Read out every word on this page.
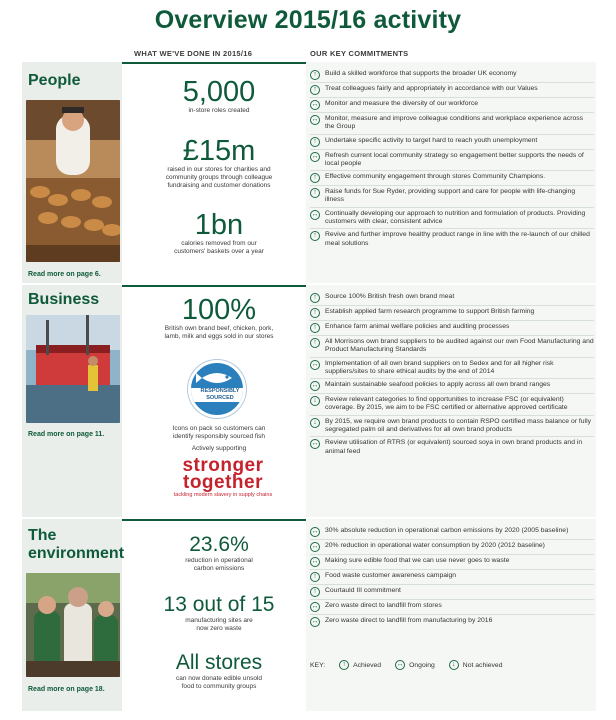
Overview 2015/16 activity
WHAT WE'VE DONE IN 2015/16	OUR KEY COMMITMENTS
People
Read more on page 6.
5,000
in-store roles created
£15m
raised in our stores for charities and community groups through colleague fundraising and customer donations
1bn
calories removed from our customers' baskets over a year
↑	Build a skilled workforce that supports the broader UK economy
↑	Treat colleagues fairly and appropriately in accordance with our Values
↔ Monitor and measure the diversity of our workforce
↔ Monitor, measure and improve colleague conditions and workplace experience across the Group
↑	Undertake specific activity to target hard to reach youth unemployment
↔ Refresh current local community strategy so engagement better supports the needs of local people
↑	Effective community engagement through stores Community Champions.
↑	Raise funds for Sue Ryder, providing support and care for people with life-changing illness
↔ Continually developing our approach to nutrition and formulation of products. Providing customers with clear, consistent advice
↑	Revive and further improve healthy product range in line with the re-launch of our chilled meal solutions
Business
Read more on page 11.
100%
British own brand beef, chicken, pork, lamb, milk and eggs sold in our stores
RESPONSIBLY SOURCED
Icons on pack so customers can identify responsibly sourced fish
Actively supporting
stronger
together
tackling modern slavery in supply chains
↑	Source 100% British fresh own brand meat
↑	Establish applied farm research programme to support British farming
↑	Enhance farm animal welfare policies and auditing processes
↑	All Morrisons own brand suppliers to be audited against our own Food Manufacturing and Product Manufacturing Standards
↔ Implementation of all own brand suppliers on to Sedex and for all higher risk suppliers/sites to share ethical audits by the end of 2014
↔ Maintain sustainable seafood policies to apply across all own brand ranges
↓	Review relevant categories to find opportunities to increase FSC (or equivalent) coverage. By 2015, we aim to be FSC certified or alternative approved certificate
↓	By 2015, we require own brand products to contain RSPO certified mass balance or fully segregated palm oil and derivatives for all own brand products
↔ Review utilisation of RTRS (or equivalent) sourced soya in own brand products and in animal feed
The
environment
Read more on page 18.
23.6%
reduction in operational carbon emissions
13 out of 15
manufacturing sites are now zero waste
All stores
can now donate edible unsold food to community groups
↔ 30% absolute reduction in operational carbon emissions by 2020 (2005 baseline)
↔ 20% reduction in operational water consumption by 2020 (2012 baseline)
↔ Making sure edible food that we can use never goes to waste
↑	Food waste customer awareness campaign
↑	Courtauld III commitment
↔ Zero waste direct to landfill from stores
↔ Zero waste direct to landfill from manufacturing by 2016
KEY:	↑	Achieved ↔ Ongoing	↓	Not achieved
